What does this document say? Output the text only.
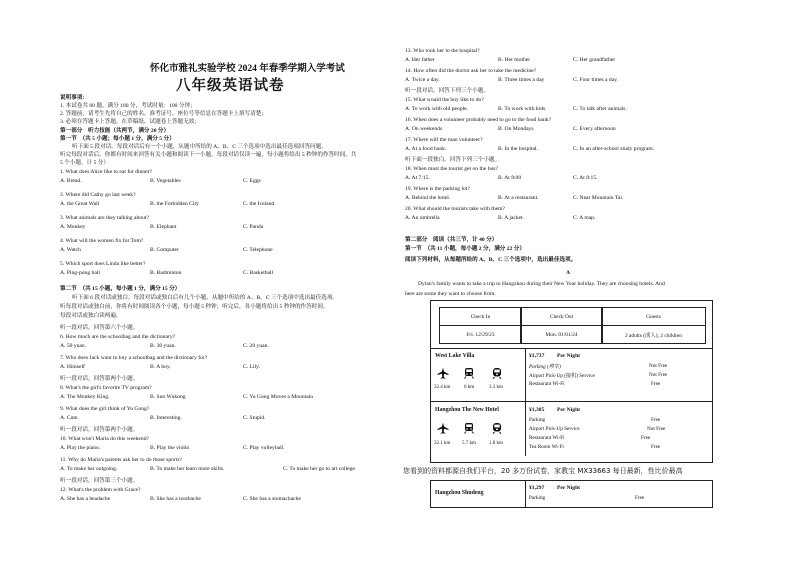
怀化市雅礼实验学校 2024 年春季学期入学考试
八年级英语试卷
说明事项：
1. 本试卷共 60 题，满分 100 分，考试时量：100 分钟；
2. 答题前，请考生先将自己的姓名、准考证号、座位号等信息在答题卡上填写清楚；
3. 必须在答题卡上答题，在草稿纸、试题卷上答题无效；
第一部分　听力技能（共两节，满分 20 分）
第一节　（共 5 小题；每小题 1 分，满分 5 分）
听下面 5 段对话。每段对话后有一个小题，从题中所给的 A、B、C 三个选项中选出最佳选项回答问题。
听完每段对话后，你都有时间来回答有关小题和阅读下一小题。每段对话仅读一遍，每小题将给出 5 秒钟的作答时间。共
5 个小题，计 5 分）
1. What does Alice like to eat for dinner?
A. Bread.	B. Vegetables	C. Eggs
2. Where did Cathy go last week?
A. the Great Wall	B. the Forbidden City	C. the Iceland
3. What animals are they talking about?
A. Monkey	B. Elephant	C. Panda
4. What will the women fix for Tom?
A. Watch	B. Computer	C. Telephone
5. Which sport does Linda like better?
A. Ping-pong ball	B. Badminton	C. Basketball
第二节　（共 15 小题，每小题 1 分，满分 15 分）
听下面 6 段对话或独白。每段对话或独白后有几个小题，从题中所给的 A、B、C 三个选项中选出最佳选项。
听每段对话或独白前，你将有时间阅读各个小题，每小题 5 秒钟；听完后，各小题将给出 5 秒钟的作答时间。
每段对话或独白读两遍。
听一段对话，回答第六个小题。
6. How much are the schoolbag and the dictionary?
A. 50 yuan.	B. 30 yuan.	C. 20 yuan.
7. Who does Jack want to buy a schoolbag and the dictionary for?
A. Himself	B. A boy.	C. Lily.
听一段对话，回答第两个小题。
8. What's the girl's favorite TV program?
A. The Monkey King.	B. Sun Wukong	C. Yu Gong Moves a Mountain
9. What does the girl think of Yu Gong?
A. Cute.	B. Interesting.	C. Stupid.
听一段对话，回答第两个小题。
10. What won't Maria do this weekend?
A. Play the piano.	B. Play the violin	C. Play volleyball.
11. Why do Maria's parents ask her to do those sports?
A. To make her outgoing.	B. To make her learn more skills.	C. To make her go to art college.
听一段对话，回答第三个小题。
12. What's the problem with Grace?
A. She has a headache	B. She has a toothache	C. She has a stomachache
13. Who took her to the hospital?
A. Her father	B. Her mother	C. Her grandfather
14. How often did the doctor ask her to take the medicine?
A. Twice a day.	B. Three times a day	C. Four times a day.
听一段对话，回答下列三个小题。
15. What would the boy like to do?
A. To work with old people.	B. To work with kids.	C. To talk after animals.
16. When does a volunteer probably need to go to the food bank?
A. On weekends	B. On Mondays	C. Every afternoon
17. Where will the man volunteer?
A. At a food bank.	B. In the hospital.	C. In an after-school study program.
听下面一段独白，回答下列三个小题。
18. When must the tourist get on the bus?
A. At 7:15.	B. At 8:00	C. At 8:15.
19. Where is the parking lot?
A. Behind the hotel.	B. At a restaurant.	C. Near Mountain Tai.
20. What should the tourists take with them?
A. An umbrella	B. A jacket.	C. A map.
第二部分　阅读（共三节，计 40 分）
第一节　（共 11 小题，每小题 2 分，满分 22 分）
阅读下列材料，从每题所给的 A、B、C 三个选项中，选出最佳选项。
A
Dylan's family wants to take a trip to Hangzhou during their New Year holiday. They are choosing hotels. And
here are some they want to choose from.
Check In	Check Out	Guests
Fri. 12/29/23	Mon. 01/01/24	2 adults (成人), 2 children
West Lake Villa
32.4 km	6 km	3.3 km
¥1,737 Per Night
Parking (停车)	Not Free
Airport Pick-Up (接机) Service	Not Free
Restaurant Wi-Fi	Free
Hangzhou The New Hotel
32.1 km 5.7 km	1.8 km
¥1,385 Per Night
Parking	Free
Airport Pick-Up Service	Not Free
Restaurant Wi-Fi	Free
Tea Room Wi-Fi	Free
您看到的资料都源自我们平台，20 多万份试卷，家教宝 MX33663 每日最新，性比价最高
Hangzhou Shudeng
¥1,297 Per Night
Parking	Free
